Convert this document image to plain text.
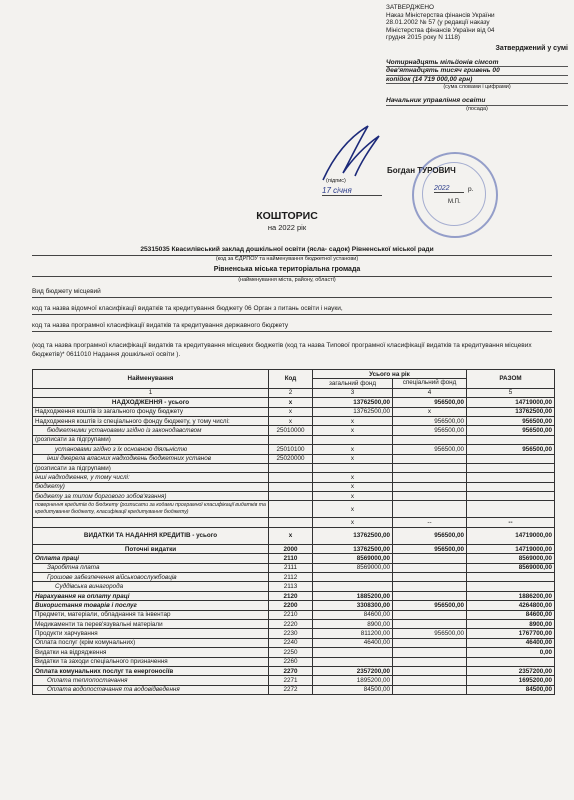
ЗАТВЕРДЖЕНО
Наказ Міністерства фінансів України
28.01.2002 № 57 (у редакції наказу
Міністерства фінансів України від 04
грудня 2015 року N 1118)
Затверджений у сумі
Чотирнадцять мільйонів сімсот
дев'ятнадцять тисяч гривень 00
копійок (14 719 000,00 грн)
(сума словами і цифрами)
Начальник управління освіти
(посада)
Богдан ТУРОВИЧ
(підпис)
17 січня	2022	р.
М.П.
КОШТОРИС
на 2022 рік
25315035 Квасилівський заклад дошкільної освіти (ясла- садок) Рівненської міської ради
(код за ЄДРПОУ та найменування бюджетної установи)
Рівненська міська територіальна громада
(найменування міста, району, області)
Вид бюджету місцевий
код та назва відомчої класифікації видатків та кредитування бюджету 06 Орган з питань освіти і науки,
код та назва програмної класифікації видатків та кредитування державного бюджету
(код та назва програмної класифікації видатків та кредитування місцевих бюджетів (код та назва Типової програмної класифікації видатків та кредитування місцевих бюджетів)* 0611010 Надання дошкільної освіти ).
Найменування	Код	Усього на рік		РАЗОМ
		загальний фонд	спеціальний фонд	
1	2	3	4	5
НАДХОДЖЕННЯ - усього	х	13762500,00	956500,00	14719000,00
Надходження коштів із загального фонду бюджету	х	13762500,00	х	13762500,00
Надходження коштів із спеціального фонду бюджету, у тому числі:	х	х	956500,00	956500,00
бюджетними установами згідно із законодавством	25010000	х	956500,00	956500,00
(розписати за підгрупами)				
установами згідно з їх основною діяльністю	25010100	х	956500,00	956500,00
інші джерела власних надходжень бюджетних установ	25020000	х		
(розписати за підгрупами)				
інші надходження, у тому числі:		х		
бюджету)		х		
бюджету за типом боргового зобов'язання)		х		
повернення кредитів до бюджету (розписати за кодами програмної класифікації видатків та кредитування бюджету, класифікації кредитування бюджету)		х		
		х	--	--
ВИДАТКИ ТА НАДАННЯ КРЕДИТІВ - усього	х	13762500,00	956500,00	14719000,00
Поточні видатки	2000	13762500,00	956500,00	14719000,00
Оплата праці	2110	8569000,00		8569000,00
Заробітна плата	2111	8569000,00		8569000,00
Грошове забезпечення військовослужбовців	2112			
Суддівська винагорода	2113			
Нарахування на оплату праці	2120	1885200,00		1886200,00
Використання товарів і послуг	2200	3308300,00	956500,00	4264800,00
Предмети, матеріали, обладнання та інвентар	2210	84600,00		84600,00
Медикаменти та перев'язувальні матеріали	2220	8900,00		8900,00
Продукти харчування	2230	811200,00	956500,00	1767700,00
Оплата послуг (крім комунальних)	2240	46400,00		46400,00
Видатки на відрядження	2250			0,00
Видатки та заходи спеціального призначення	2260			
Оплата комунальних послуг та енергоносіїв	2270	2357200,00		2357200,00
Оплата теплопостачання	2271	1895200,00		1695200,00
Оплата водопостачання та водовідведення	2272	84500,00		84500,00
